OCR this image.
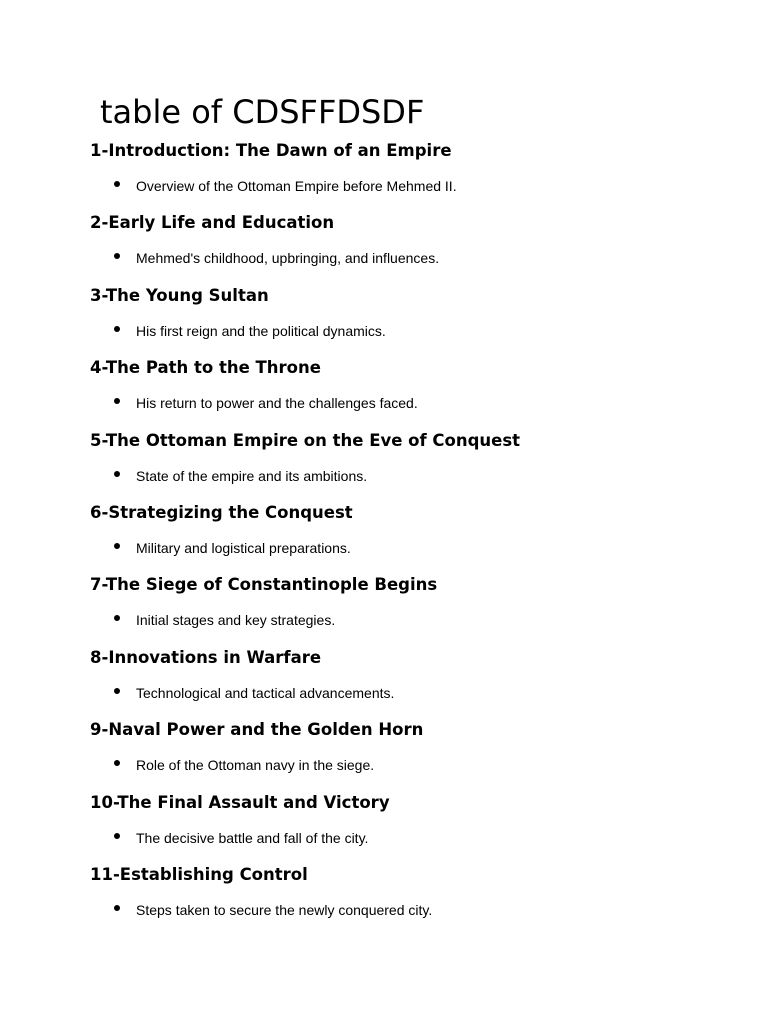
table of CDSFFDSDF
1-Introduction: The Dawn of an Empire
Overview of the Ottoman Empire before Mehmed II.
2-Early Life and Education
Mehmed's childhood, upbringing, and influences.
3-The Young Sultan
His first reign and the political dynamics.
4-The Path to the Throne
His return to power and the challenges faced.
5-The Ottoman Empire on the Eve of Conquest
State of the empire and its ambitions.
6-Strategizing the Conquest
Military and logistical preparations.
7-The Siege of Constantinople Begins
Initial stages and key strategies.
8-Innovations in Warfare
Technological and tactical advancements.
9-Naval Power and the Golden Horn
Role of the Ottoman navy in the siege.
10-The Final Assault and Victory
The decisive battle and fall of the city.
11-Establishing Control
Steps taken to secure the newly conquered city.
